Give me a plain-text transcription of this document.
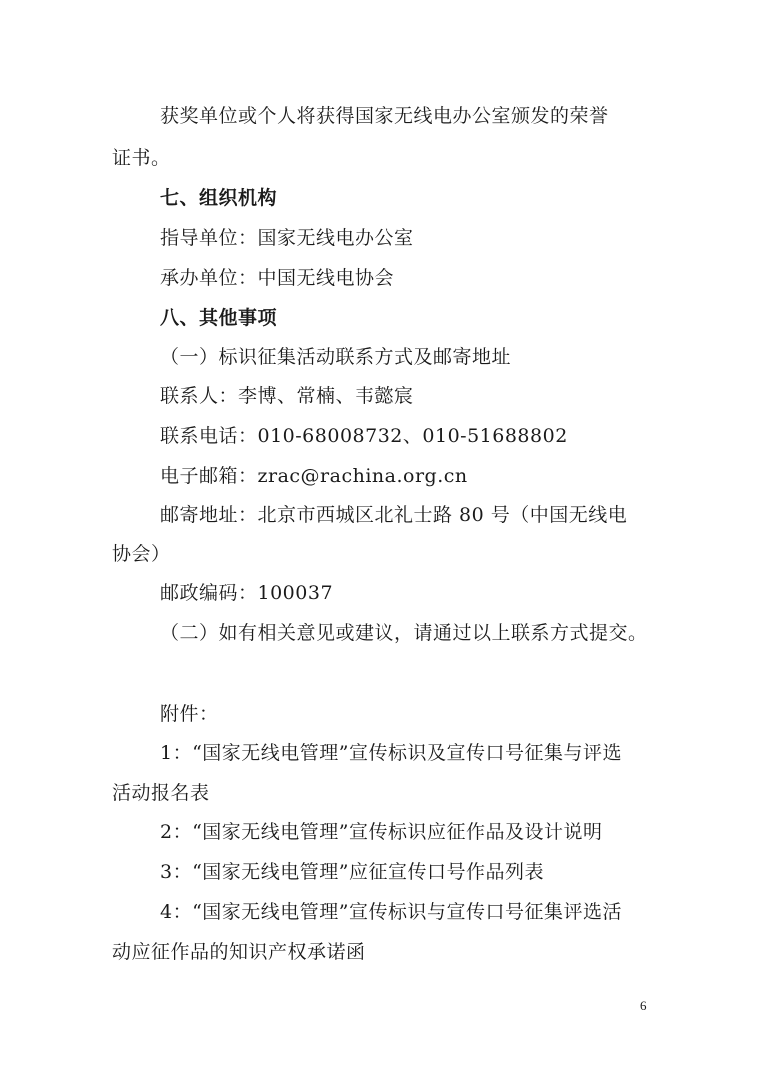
获奖单位或个人将获得国家无线电办公室颁发的荣誉
证书。
七、组织机构
指导单位：国家无线电办公室
承办单位：中国无线电协会
八、其他事项
（一）标识征集活动联系方式及邮寄地址
联系人：李博、常楠、韦懿宸
联系电话：010-68008732、010-51688802
电子邮箱：zrac@rachina.org.cn
邮寄地址：北京市西城区北礼士路 80 号（中国无线电
协会）
邮政编码：100037
（二）如有相关意见或建议，请通过以上联系方式提交。
附件：
1：“国家无线电管理”宣传标识及宣传口号征集与评选
活动报名表
2：“国家无线电管理”宣传标识应征作品及设计说明
3：“国家无线电管理”应征宣传口号作品列表
4：“国家无线电管理”宣传标识与宣传口号征集评选活
动应征作品的知识产权承诺函
6
